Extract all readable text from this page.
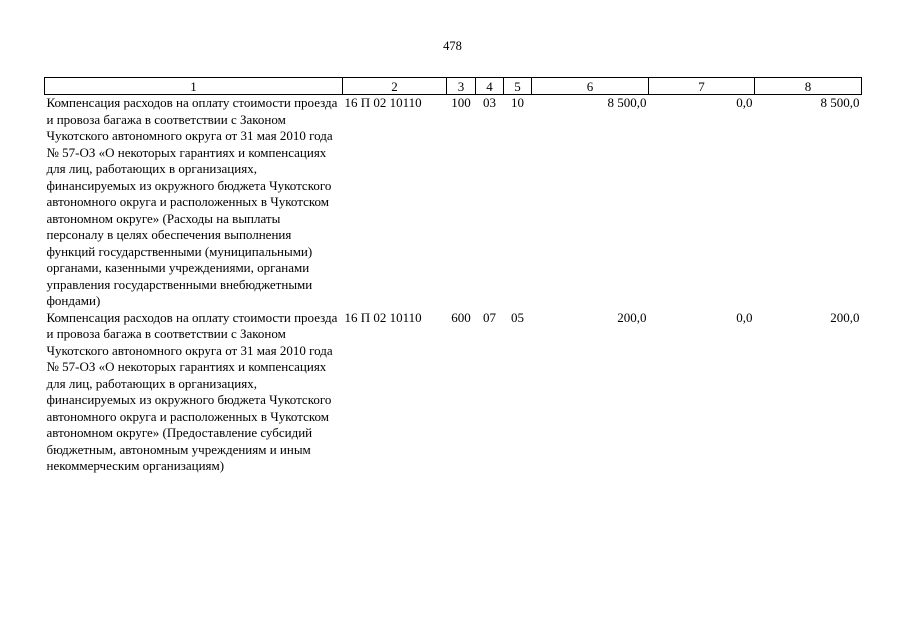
478
1	2	3	4	5	6	7	8
Компенсация расходов на оплату стоимости проезда и провоза багажа в соответствии с Законом Чукотского автономного округа от 31 мая 2010 года № 57-ОЗ «О некоторых гарантиях и компенсациях для лиц, работающих в организациях, финансируемых из окружного бюджета Чукотского автономного округа и расположенных в Чукотском автономном округе» (Расходы на выплаты персоналу в целях обеспечения выполнения функций государственными (муниципальными) органами, казенными учреждениями, органами управления государственными внебюджетными фондами)	16 П 02 10110	100	03	10	8 500,0	0,0	8 500,0
Компенсация расходов на оплату стоимости проезда и провоза багажа в соответствии с Законом Чукотского автономного округа от 31 мая 2010 года № 57-ОЗ «О некоторых гарантиях и компенсациях для лиц, работающих в организациях, финансируемых из окружного бюджета Чукотского автономного округа и расположенных в Чукотском автономном округе» (Предоставление субсидий бюджетным, автономным учреждениям и иным некоммерческим организациям)	16 П 02 10110	600	07	05	200,0	0,0	200,0
